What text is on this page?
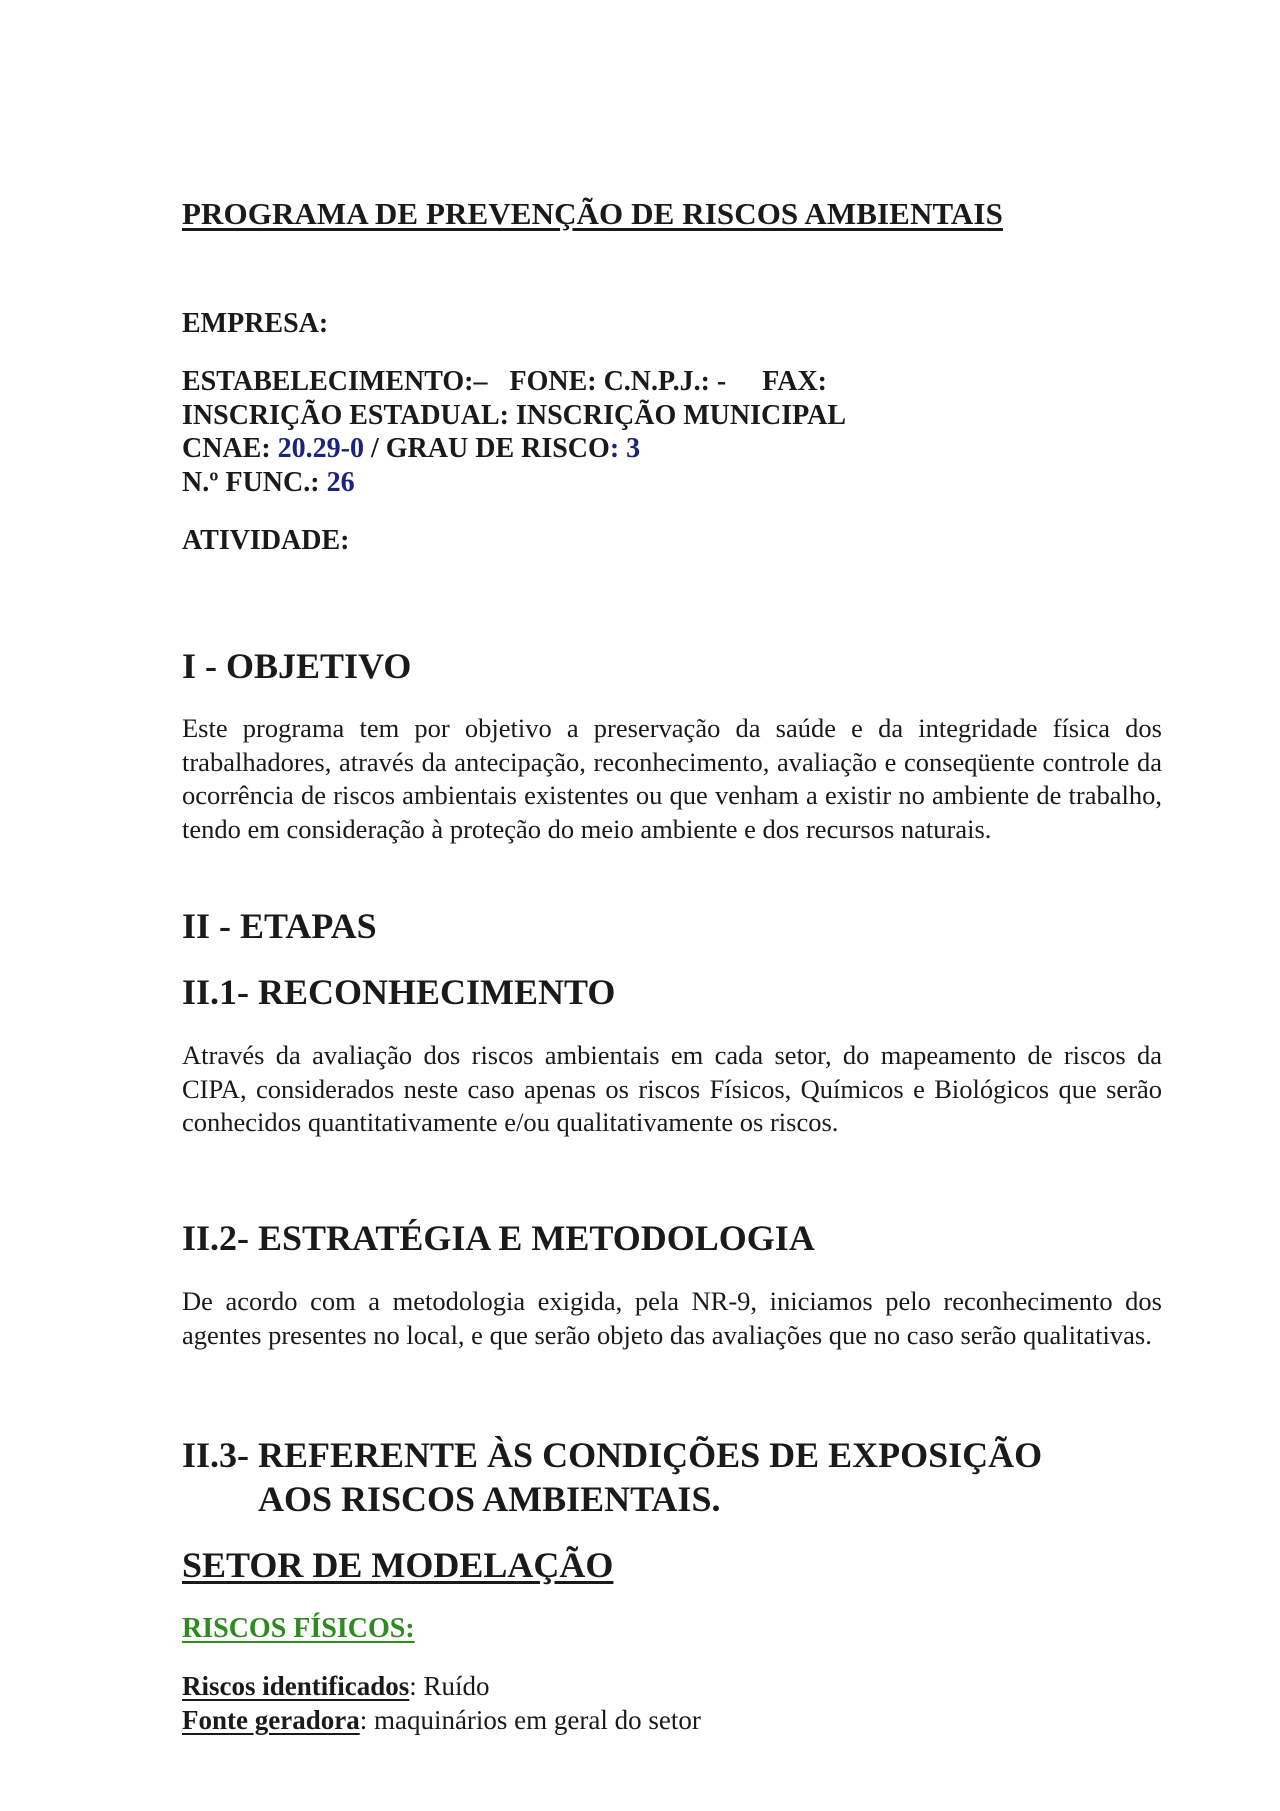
PROGRAMA DE PREVENÇÃO DE RISCOS AMBIENTAIS
EMPRESA:
ESTABELECIMENTO:– FONE: C.N.P.J.: - FAX:
INSCRIÇÃO ESTADUAL: INSCRIÇÃO MUNICIPAL
CNAE: 20.29-0 / GRAU DE RISCO: 3
N.º FUNC.: 26
ATIVIDADE:
I - OBJETIVO
Este programa tem por objetivo a preservação da saúde e da integridade física dos trabalhadores, através da antecipação, reconhecimento, avaliação e conseqüente controle da ocorrência de riscos ambientais existentes ou que venham a existir no ambiente de trabalho, tendo em consideração à proteção do meio ambiente e dos recursos naturais.
II - ETAPAS
II.1- RECONHECIMENTO
Através da avaliação dos riscos ambientais em cada setor, do mapeamento de riscos da CIPA, considerados neste caso apenas os riscos Físicos, Químicos e Biológicos que serão conhecidos quantitativamente e/ou qualitativamente os riscos.
II.2- ESTRATÉGIA E METODOLOGIA
De acordo com a metodologia exigida, pela NR-9, iniciamos pelo reconhecimento dos agentes presentes no local, e que serão objeto das avaliações que no caso serão qualitativas.
II.3- REFERENTE ÀS CONDIÇÕES DE EXPOSIÇÃO
AOS RISCOS AMBIENTAIS.
SETOR DE MODELAÇÃO
RISCOS FÍSICOS:
Riscos identificados: Ruído
Fonte geradora: maquinários em geral do setor
